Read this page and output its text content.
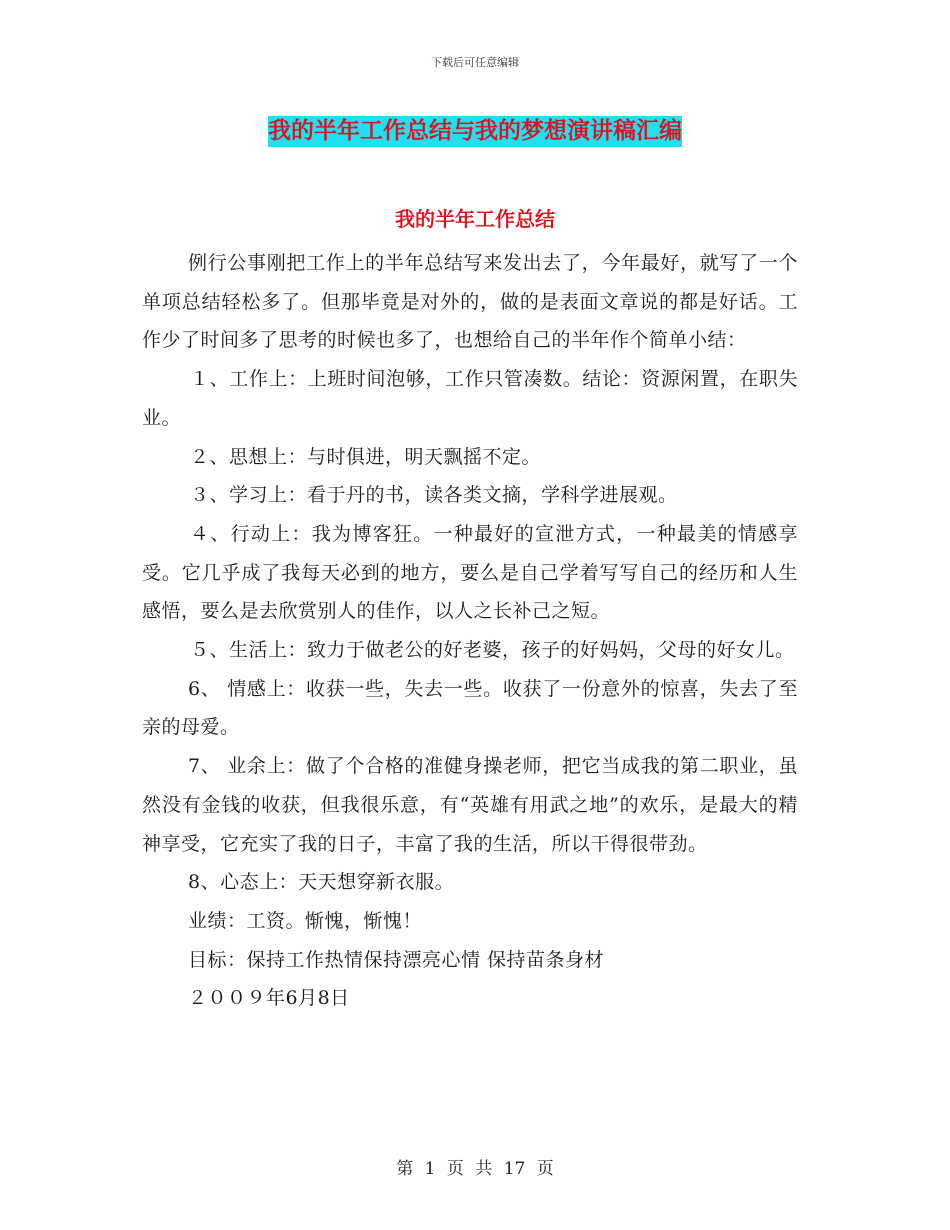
下载后可任意编辑
我的半年工作总结与我的梦想演讲稿汇编
我的半年工作总结

例行公事刚把工作上的半年总结写来发出去了，今年最好，就写了一个单项总结轻松多了。但那毕竟是对外的，做的是表面文章说的都是好话。工作少了时间多了思考的时候也多了，也想给自己的半年作个简单小结：

１、工作上：上班时间泡够，工作只管凑数。结论：资源闲置，在职失业。

２、思想上：与时俱进，明天飘摇不定。

３、学习上：看于丹的书，读各类文摘，学科学进展观。

４、行动上：我为博客狂。一种最好的宣泄方式，一种最美的情感享受。它几乎成了我每天必到的地方，要么是自己学着写写自己的经历和人生感悟，要么是去欣赏别人的佳作，以人之长补己之短。

５、生活上：致力于做老公的好老婆，孩子的好妈妈，父母的好女儿。

6、 情感上：收获一些，失去一些。收获了一份意外的惊喜，失去了至亲的母爱。

7、 业余上：做了个合格的准健身操老师，把它当成我的第二职业，虽然没有金钱的收获，但我很乐意，有“英雄有用武之地”的欢乐，是最大的精神享受，它充实了我的日子，丰富了我的生活，所以干得很带劲。

8、心态上：天天想穿新衣服。

业绩：工资。惭愧，惭愧！

目标：保持工作热情保持漂亮心情 保持苗条身材

２００９年6月8日

第 1 页 共 17 页
